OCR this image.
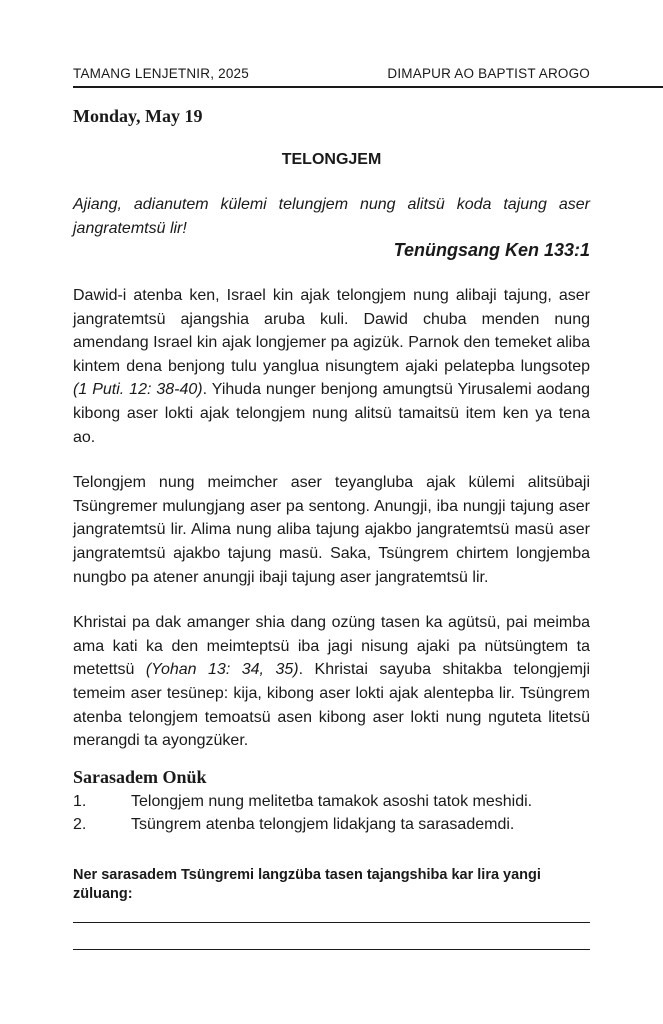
TAMANG LENJETNIR, 2025	DIMAPUR AO BAPTIST AROGO
Monday, May 19
TELONGJEM
Ajiang, adianutem külemi telungjem nung alitsü koda tajung aser jangratemtsü lir!
Tenüngsang Ken 133:1

Dawid-i atenba ken, Israel kin ajak telongjem nung alibaji tajung, aser jangratemtsü ajangshia aruba kuli. Dawid chuba menden nung amendang Israel kin ajak longjemer pa agizük. Parnok den temeket aliba kintem dena benjong tulu yanglua nisungtem ajaki pelatepba lungsotep (1 Puti. 12: 38-40). Yihuda nunger benjong amungtsü Yirusalemi aodang kibong aser lokti ajak telongjem nung alitsü tamaitsü item ken ya tena ao.

Telongjem nung meimcher aser teyangluba ajak külemi alitsübaji Tsüngremer mulungjang aser pa sentong. Anungji, iba nungji tajung aser jangratemtsü lir. Alima nung aliba tajung ajakbo jangratemtsü masü aser jangratemtsü ajakbo tajung masü. Saka, Tsüngrem chirtem longjemba nungbo pa atener anungji ibaji tajung aser jangratemtsü lir.

Khristai pa dak amanger shia dang ozüng tasen ka agütsü, pai meimba ama kati ka den meimteptsü iba jagi nisung ajaki pa nütsüngtem ta metettsü (Yohan 13: 34, 35). Khristai sayuba shitakba telongjemji temeim aser tesünep: kija, kibong aser lokti ajak alentepba lir. Tsüngrem atenba telongjem temoatsü asen kibong aser lokti nung nguteta litetsü merangdi ta ayongzüker.

Sarasadem Onük
1.	Telongjem nung melitetba tamakok asoshi tatok meshidi.
2.	Tsüngrem atenba telongjem lidakjang ta sarasademdi.
Ner sarasadem Tsüngremi langzüba tasen tajangshiba kar lira yangi züluang:
